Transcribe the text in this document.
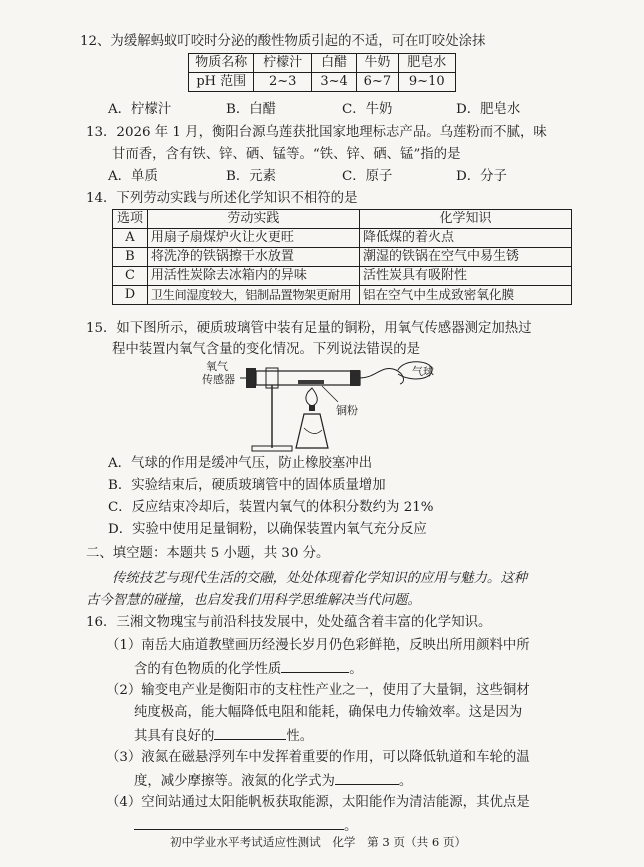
12、为缓解蚂蚁叮咬时分泌的酸性物质引起的不适，可在叮咬处涂抹
物质名称	柠檬汁	白醋	牛奶	肥皂水
pH 范围	2~3	3~4	6~7	9~10
A．柠檬汁	B．白醋	C．牛奶	D．肥皂水
13．2026 年 1 月，衡阳台源乌莲获批国家地理标志产品。乌莲粉而不腻，味
甘而香，含有铁、锌、硒、锰等。“铁、锌、硒、锰”指的是
A．单质	B．元素	C．原子	D．分子
14．下列劳动实践与所述化学知识不相符的是
选项	劳动实践	化学知识
A	用扇子扇煤炉火让火更旺	降低煤的着火点
B	将洗净的铁锅擦干水放置	潮湿的铁锅在空气中易生锈
C	用活性炭除去冰箱内的异味	活性炭具有吸附性
D	卫生间湿度较大，铝制品置物架更耐用	铝在空气中生成致密氧化膜
15．如下图所示，硬质玻璃管中装有足量的铜粉，用氧气传感器测定加热过
程中装置内氧气含量的变化情况。下列说法错误的是
氧气
传感器
气球
铜粉
A．气球的作用是缓冲气压，防止橡胶塞冲出
B．实验结束后，硬质玻璃管中的固体质量增加
C．反应结束冷却后，装置内氧气的体积分数约为 21%
D．实验中使用足量铜粉，以确保装置内氧气充分反应
二、填空题：本题共 5 小题，共 30 分。
传统技艺与现代生活的交融，处处体现着化学知识的应用与魅力。这种
古今智慧的碰撞，也启发我们用科学思维解决当代问题。
16．三湘文物瑰宝与前沿科技发展中，处处蕴含着丰富的化学知识。
（1）南岳大庙道教壁画历经漫长岁月仍色彩鲜艳，反映出所用颜料中所
含的有色物质的化学性质	。
（2）输变电产业是衡阳市的支柱性产业之一，使用了大量铜，这些铜材
纯度极高，能大幅降低电阻和能耗，确保电力传输效率。这是因为
其具有良好的	性。
（3）液氮在磁悬浮列车中发挥着重要的作用，可以降低轨道和车轮的温
度，减少摩擦等。液氮的化学式为	。
（4）空间站通过太阳能帆板获取能源，太阳能作为清洁能源，其优点是
。
初中学业水平考试适应性测试　化学　第 3 页（共 6 页）
